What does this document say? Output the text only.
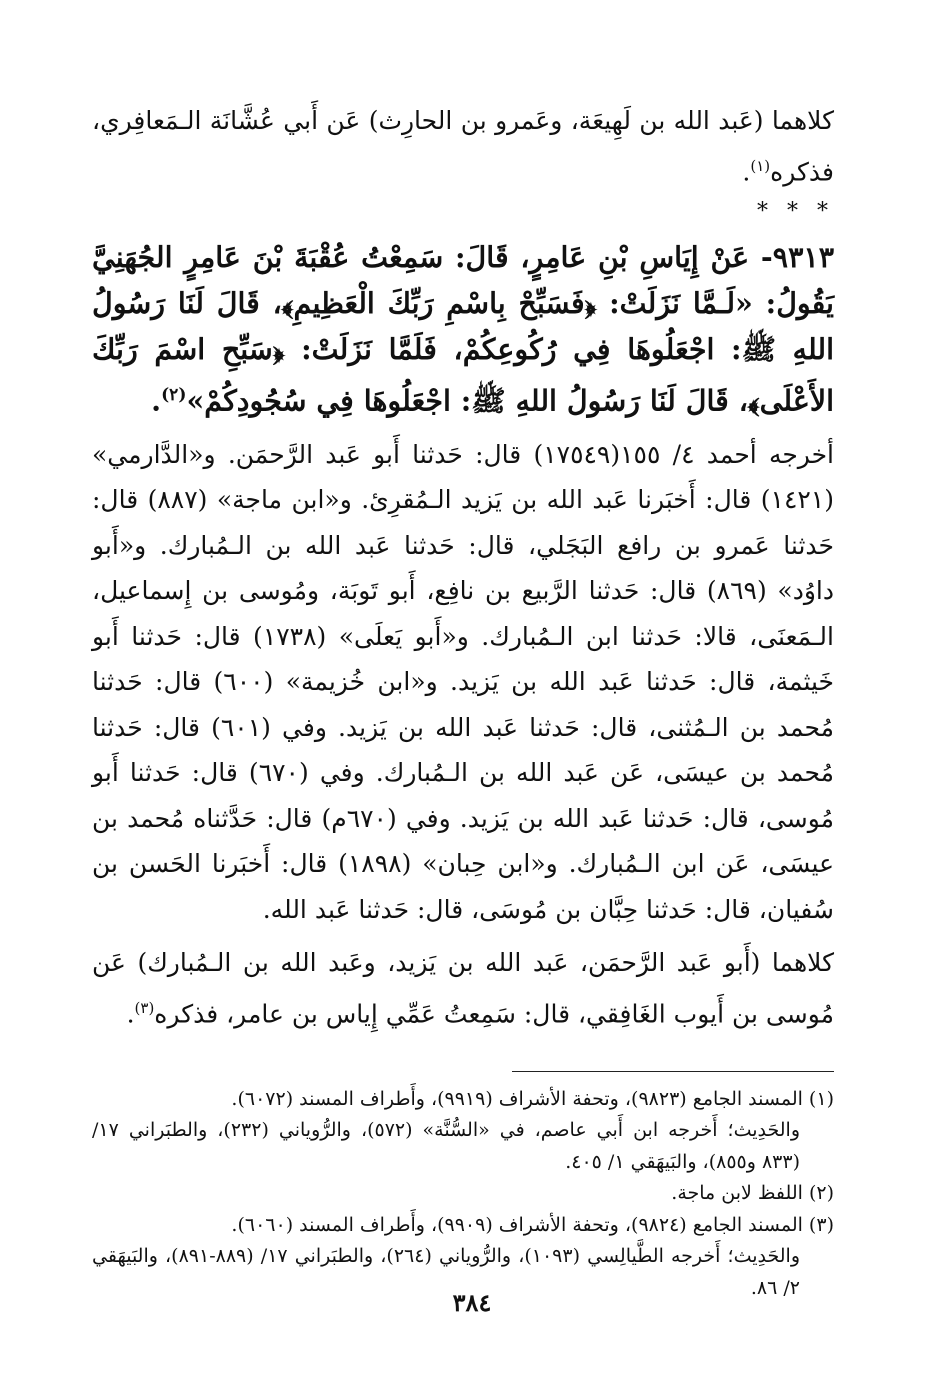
كلاهما (عَبد الله بن لَهِيعَة، وعَمرو بن الحارِث) عَن أَبي عُشَّانَة الـمَعافِري، فذكره$^{(١)}$.

* * *

٩٣١٣- عَنْ إِيَاسِ بْنِ عَامِرٍ، قَالَ: سَمِعْتُ عُقْبَةَ بْنَ عَامِرٍ الجُهَنِيَّ يَقُولُ: «لَـمَّا نَزَلَتْ: ﴿فَسَبِّحْ بِاسْمِ رَبِّكَ الْعَظِيمِ﴾، قَالَ لَنَا رَسُولُ اللهِ ﷺ: اجْعَلُوهَا فِي رُكُوعِكُمْ، فَلَمَّا نَزَلَتْ: ﴿سَبِّحِ اسْمَ رَبِّكَ الأَعْلَى﴾، قَالَ لَنَا رَسُولُ اللهِ ﷺ: اجْعَلُوهَا فِي سُجُودِكُمْ»$^{(٢)}$.

أخرجه أحمد ٤/ ١٥٥(١٧٥٤٩) قال: حَدثنا أَبو عَبد الرَّحمَن. و«الدَّارمي» (١٤٢١) قال: أَخبَرنا عَبد الله بن يَزيد الـمُقرِئ. و«ابن ماجة» (٨٨٧) قال: حَدثنا عَمرو بن رافع البَجَلي، قال: حَدثنا عَبد الله بن الـمُبارك. و«أَبو داوُد» (٨٦٩) قال: حَدثنا الرَّبيع بن نافِع، أَبو تَوبَة، ومُوسى بن إِسماعيل، الـمَعنَى، قالا: حَدثنا ابن الـمُبارك. و«أَبو يَعلَى» (١٧٣٨) قال: حَدثنا أَبو خَيثمة، قال: حَدثنا عَبد الله بن يَزيد. و«ابن خُزيمة» (٦٠٠) قال: حَدثنا مُحمد بن الـمُثنى، قال: حَدثنا عَبد الله بن يَزيد. وفي (٦٠١) قال: حَدثنا مُحمد بن عيسَى، عَن عَبد الله بن الـمُبارك. وفي (٦٧٠) قال: حَدثنا أَبو مُوسى، قال: حَدثنا عَبد الله بن يَزيد. وفي (٦٧٠م) قال: حَدَّثناه مُحمد بن عيسَى، عَن ابن الـمُبارك. و«ابن حِبان» (١٨٩٨) قال: أَخبَرنا الحَسن بن سُفيان، قال: حَدثنا حِبَّان بن مُوسَى، قال: حَدثنا عَبد الله.

كلاهما (أَبو عَبد الرَّحمَن، عَبد الله بن يَزيد، وعَبد الله بن الـمُبارك) عَن مُوسى بن أَيوب الغَافِقي، قال: سَمِعتُ عَمِّي إِياس بن عامر، فذكره$^{(٣)}$.

(١) المسند الجامع (٩٨٢٣)، وتحفة الأشراف (٩٩١٩)، وأَطراف المسند (٦٠٧٢).

والحَدِيث؛ أَخرجه ابن أَبي عاصم، في «السُّنَّة» (٥٧٢)، والرُّوياني (٢٣٢)، والطبَراني ١٧/ (٨٣٣ و٨٥٥)، والبَيهَقي ١/ ٤٠٥.

(٢) اللفظ لابن ماجة.

(٣) المسند الجامع (٩٨٢٤)، وتحفة الأشراف (٩٩٠٩)، وأَطراف المسند (٦٠٦٠).

والحَدِيث؛ أَخرجه الطَّيالِسي (١٠٩٣)، والرُّوياني (٢٦٤)، والطبَراني ١٧/ (٨٨٩-٨٩١)، والبَيهَقي ٢/ ٨٦.

٣٨٤
